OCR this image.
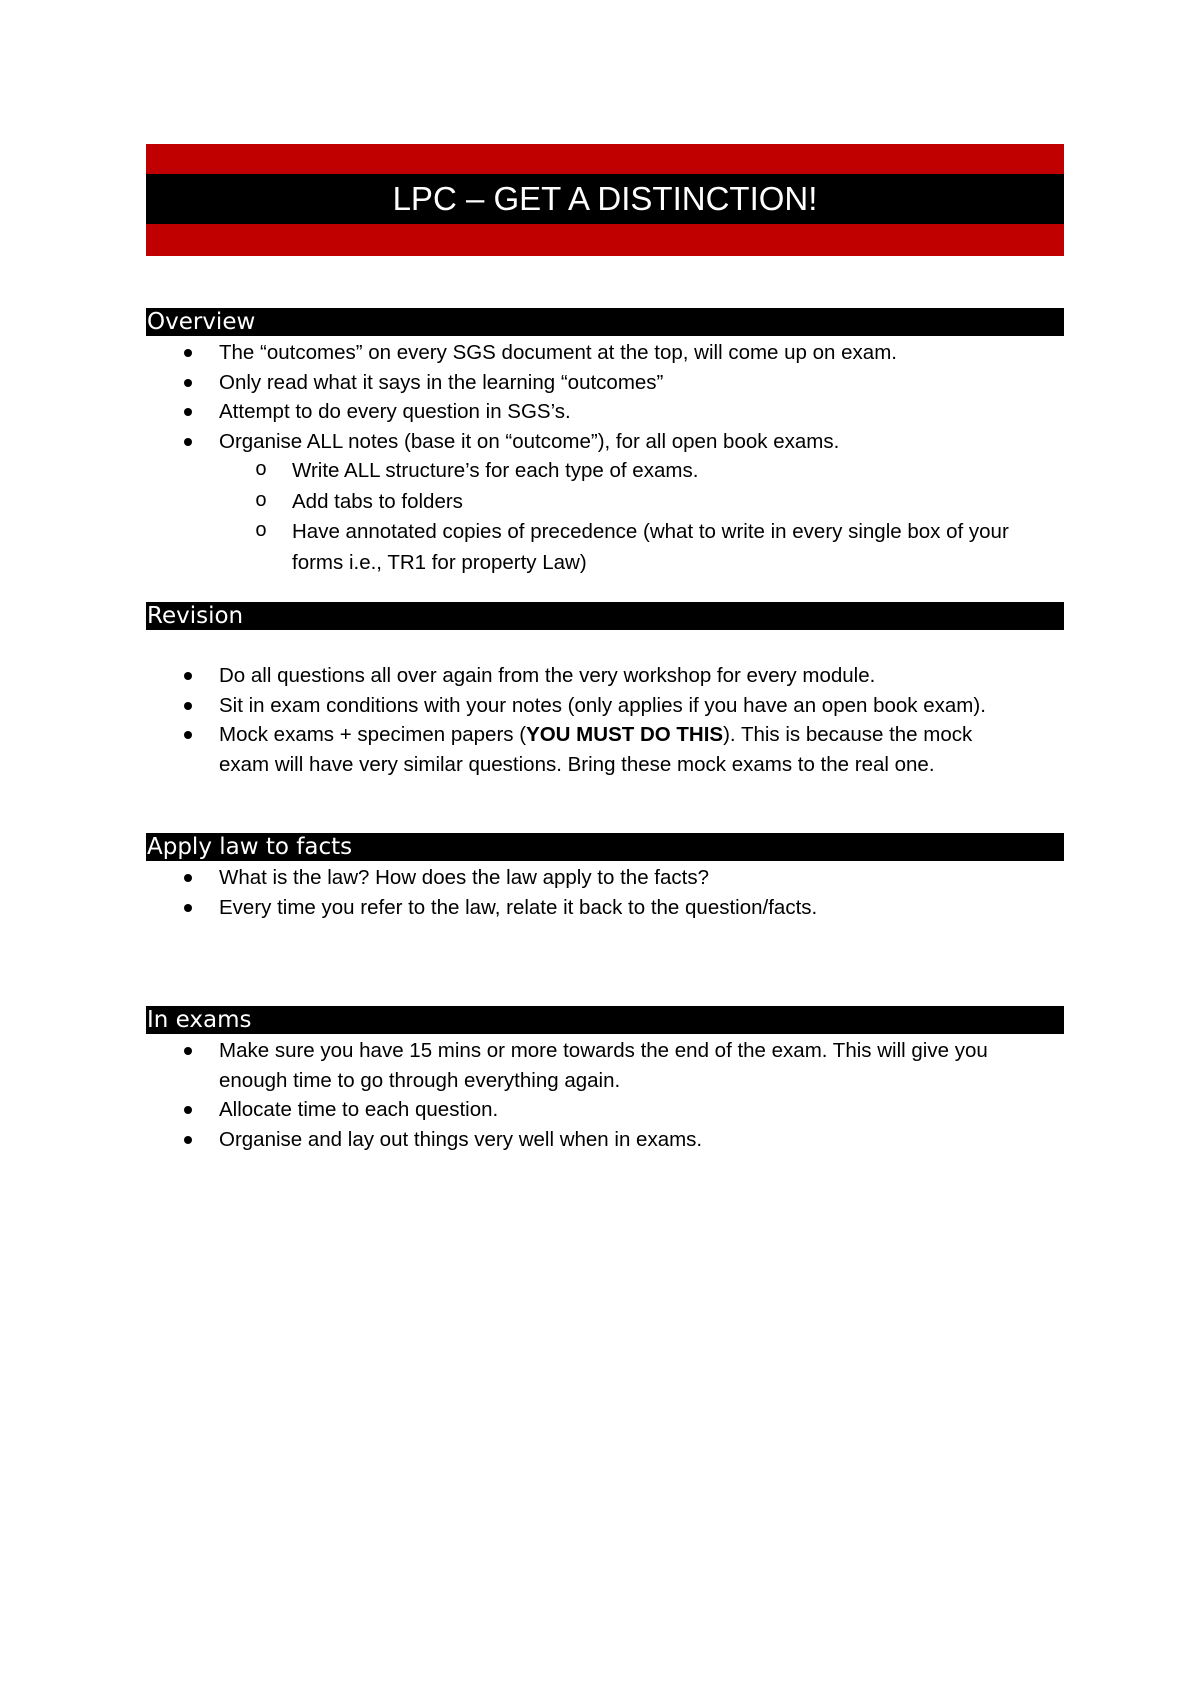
LPC – GET A DISTINCTION!
Overview
The “outcomes” on every SGS document at the top, will come up on exam.
Only read what it says in the learning “outcomes”
Attempt to do every question in SGS’s.
Organise ALL notes (base it on “outcome”), for all open book exams.
o Write ALL structure’s for each type of exams.
o Add tabs to folders
o Have annotated copies of precedence (what to write in every single box of your forms i.e., TR1 for property Law)
Revision
Do all questions all over again from the very workshop for every module.
Sit in exam conditions with your notes (only applies if you have an open book exam).
Mock exams + specimen papers (YOU MUST DO THIS). This is because the mock exam will have very similar questions. Bring these mock exams to the real one.
Apply law to facts
What is the law? How does the law apply to the facts?
Every time you refer to the law, relate it back to the question/facts.
In exams
Make sure you have 15 mins or more towards the end of the exam. This will give you enough time to go through everything again.
Allocate time to each question.
Organise and lay out things very well when in exams.
